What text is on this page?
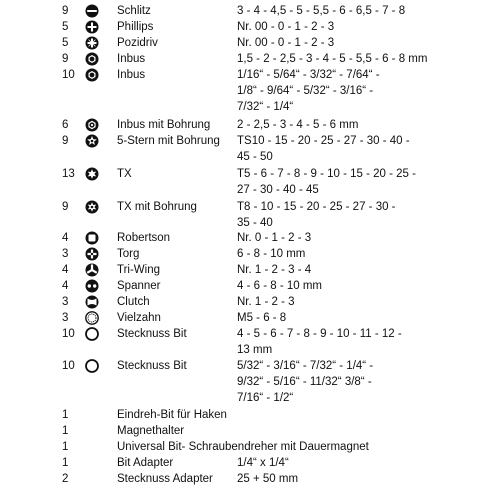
9	Schlitz	3 - 4 - 4,5 - 5 - 5,5 - 6 - 6,5 - 7 - 8
5	Phillips	Nr. 00 - 0 - 1 - 2 - 3
5	Pozidriv	Nr. 00 - 0 - 1 - 2 - 3
9	Inbus	1,5 - 2 - 2,5 - 3 - 4 - 5 - 5,5 - 6 - 8 mm
10	Inbus	1/16“ - 5/64“ - 3/32“ - 7/64“ -
1/8“ - 9/64“ - 5/32“ - 3/16“ -
7/32“ - 1/4“
6	Inbus mit Bohrung	2 - 2,5 - 3 - 4 - 5 - 6 mm
9	5-Stern mit Bohrung	TS10 - 15 - 20 - 25 - 27 - 30 - 40 -
45 - 50
13	TX	T5 - 6 - 7 - 8 - 9 - 10 - 15 - 20 - 25 -
27 - 30 - 40 - 45
9	TX mit Bohrung	T8 - 10 - 15 - 20 - 25 - 27 - 30 -
35 - 40
4	Robertson	Nr. 0 - 1 - 2 - 3
3	Torg	6 - 8 - 10 mm
4	Tri-Wing	Nr. 1 - 2 - 3 - 4
4	Spanner	4 - 6 - 8 - 10 mm
3	Clutch	Nr. 1 - 2 - 3
3	Vielzahn	M5 - 6 - 8
10	Stecknuss Bit	4 - 5 - 6 - 7 - 8 - 9 - 10 - 11 - 12 -
13 mm
10	Stecknuss Bit	5/32“ - 3/16“ - 7/32“ - 1/4“ -
9/32“ - 5/16“ - 11/32“ 3/8“ -
7/16“ - 1/2“
1	Eindreh-Bit für Haken
1	Magnethalter
1	Universal Bit- Schraubendreher mit Dauermagnet
1	Bit Adapter	1/4“ x 1/4“
2	Stecknuss Adapter	25 + 50 mm
